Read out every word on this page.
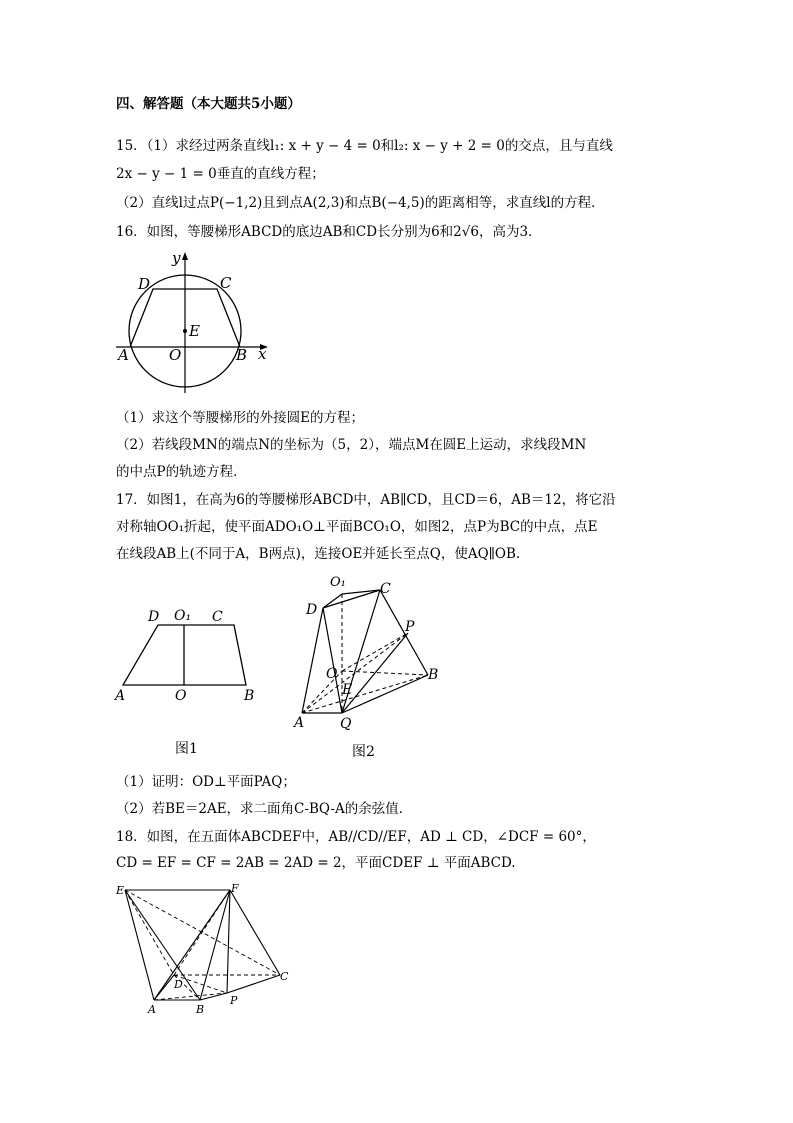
四、解答题（本大题共5小题）
15．（1）求经过两条直线l₁: x + y − 4 = 0和l₂: x − y + 2 = 0的交点，且与直线
2x − y − 1 = 0垂直的直线方程；
（2）直线l过点P(−1,2)且到点A(2,3)和点B(−4,5)的距离相等，求直线l的方程．
16．如图，等腰梯形ABCD的底边AB和CD长分别为6和2√6，高为3．
y
x
D	C
E
A	O	B
（1）求这个等腰梯形的外接圆E的方程；
（2）若线段MN的端点N的坐标为（5，2），端点M在圆E上运动，求线段MN
的中点P的轨迹方程．
17．如图1，在高为6的等腰梯形ABCD中，AB∥CD，且CD＝6，AB＝12，将它沿
对称轴OO₁折起，使平面ADO₁O⊥平面BCO₁O，如图2，点P为BC的中点，点E
在线段AB上(不同于A，B两点)，连接OE并延长至点Q，使AQ∥OB.
D O₁ C
A	O	B
图1
O₁ C
D
P
O
E
B
A	Q
图2
（1）证明：OD⊥平面PAQ；
（2）若BE＝2AE，求二面角C-BQ-A的余弦值．
18．如图，在五面体ABCDEF中，AB//CD//EF，AD ⊥ CD，∠DCF = 60°，
CD = EF = CF = 2AB = 2AD = 2，平面CDEF ⊥ 平面ABCD.
E	F
D
C
A	B
P
